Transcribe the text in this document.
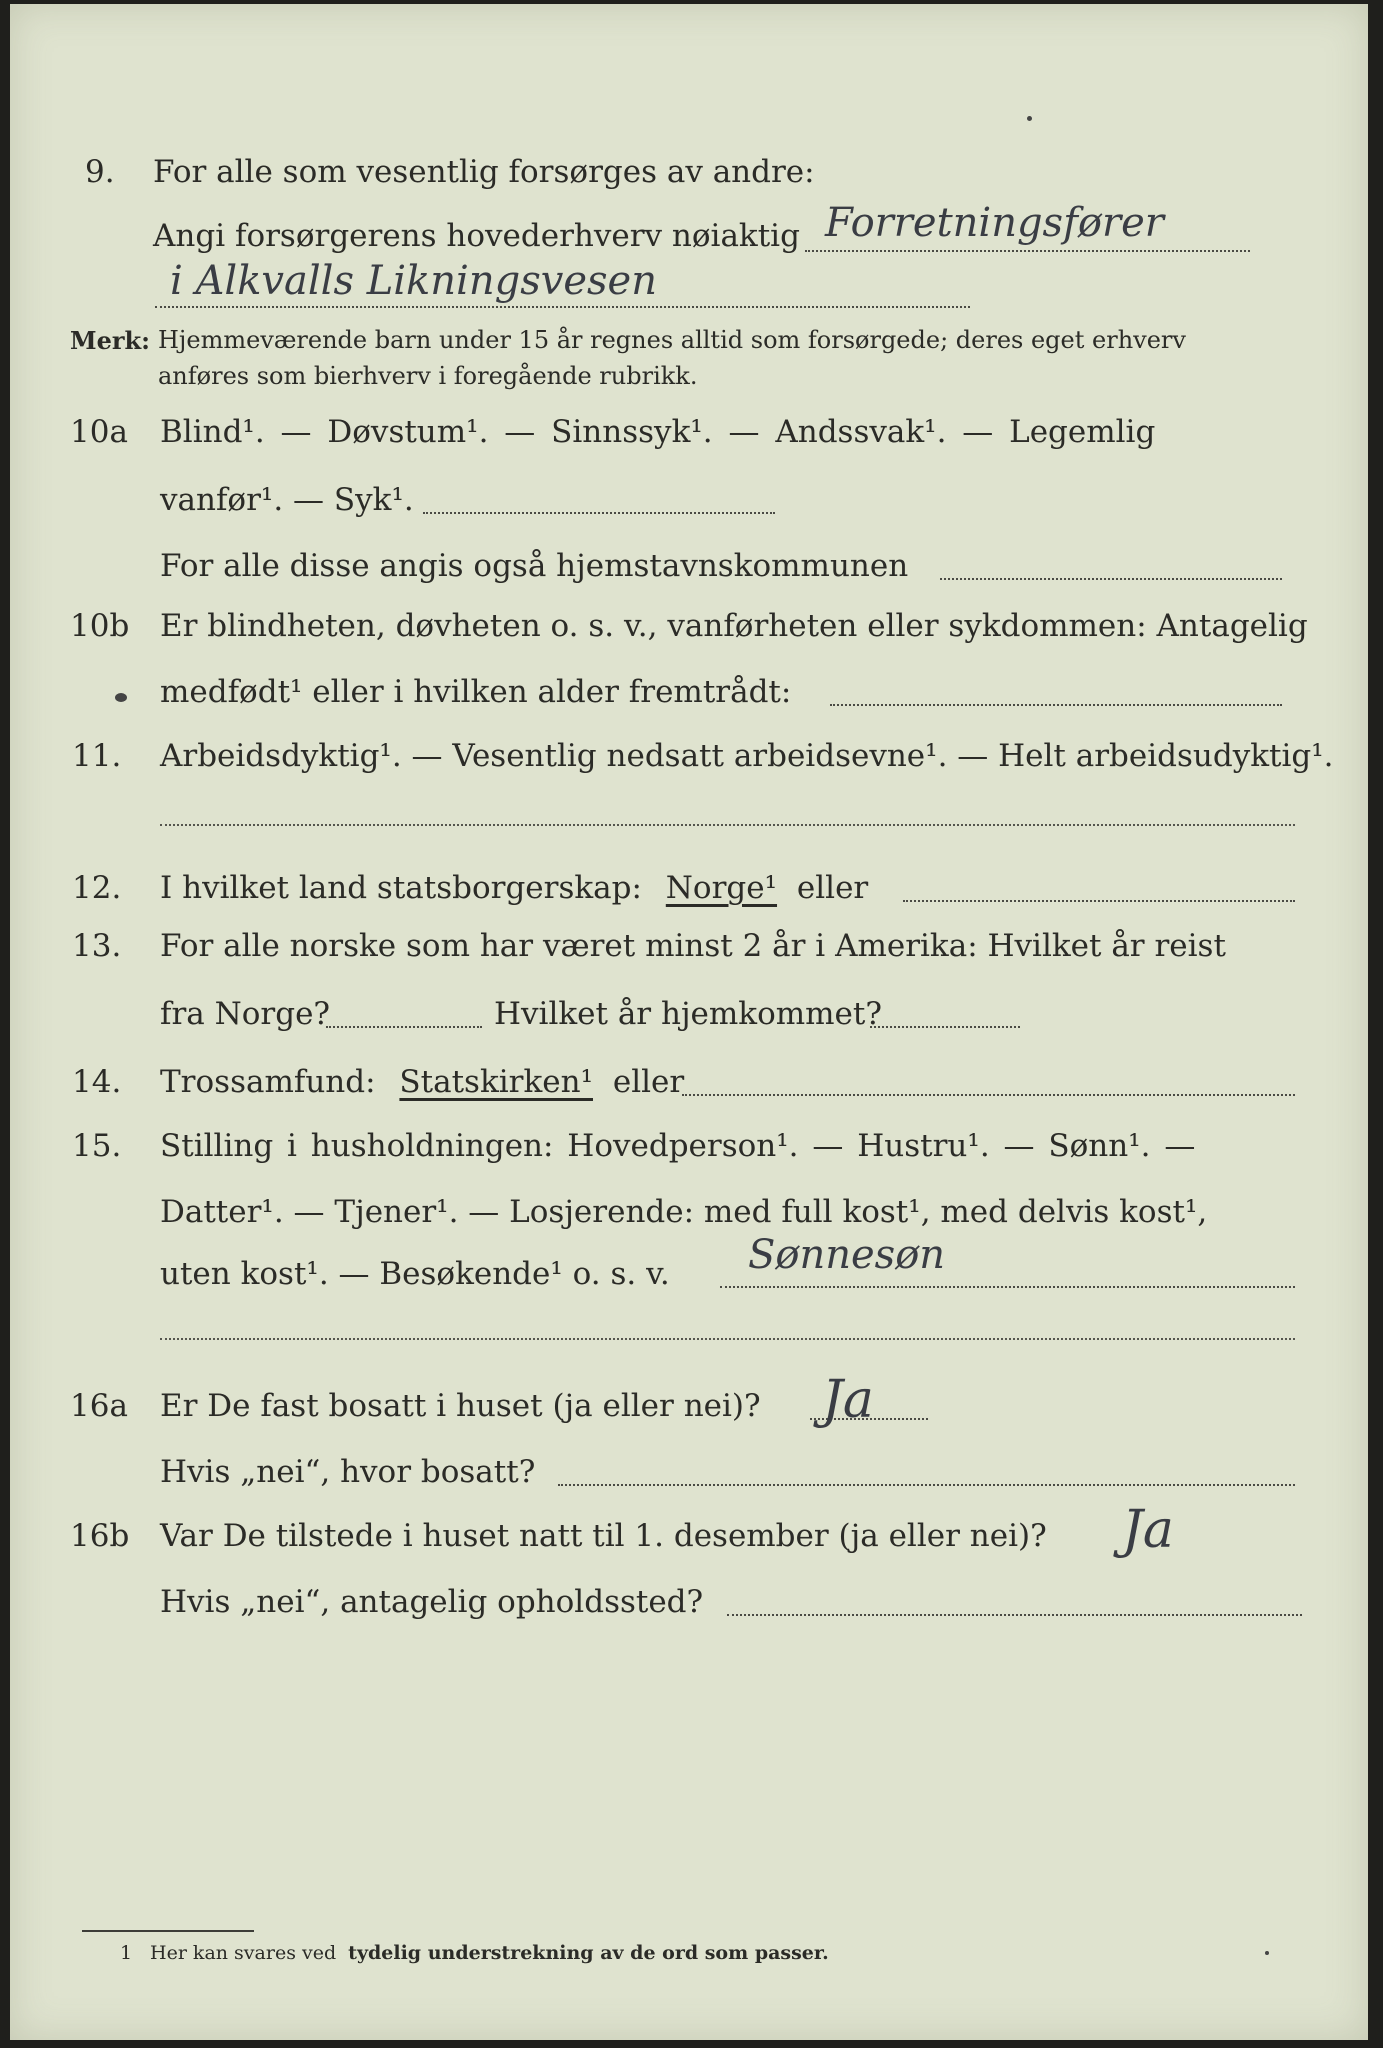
9. For alle som vesentlig forsørges av andre:
Angi forsørgerens hovederhverv nøiaktig Forretningsfører
i Alkvalls Likningsvesen
Merk: Hjemmeværende barn under 15 år regnes alltid som forsørgede; deres eget erhverv
anføres som bierhverv i foregående rubrikk.
10a Blind¹. — Døvstum¹. — Sinnssyk¹. — Andssvak¹. — Legemlig
vanfør¹. — Syk¹.
For alle disse angis også hjemstavnskommunen
10b Er blindheten, døvheten o. s. v., vanførheten eller sykdommen: Antagelig
medfødt¹ eller i hvilken alder fremtrådt:
11. Arbeidsdyktig¹. — Vesentlig nedsatt arbeidsevne¹. — Helt arbeidsudyktig¹.
12. I hvilket land statsborgerskap: Norge¹ eller
13. For alle norske som har været minst 2 år i Amerika: Hvilket år reist
fra Norge?	Hvilket år hjemkommet?
14. Trossamfund: Statskirken¹ eller
15. Stilling i husholdningen: Hovedperson¹. — Hustru¹. — Sønn¹. —
Datter¹. — Tjener¹. — Losjerende: med full kost¹, med delvis kost¹,
uten kost¹. — Besøkende¹ o. s. v. Sønnesøn
16a Er De fast bosatt i huset (ja eller nei)? Ja
Hvis „nei“, hvor bosatt?
16b Var De tilstede i huset natt til 1. desember (ja eller nei)? Ja
Hvis „nei“, antagelig opholdssted?
1 Her kan svares ved tydelig understrekning av de ord som passer.
